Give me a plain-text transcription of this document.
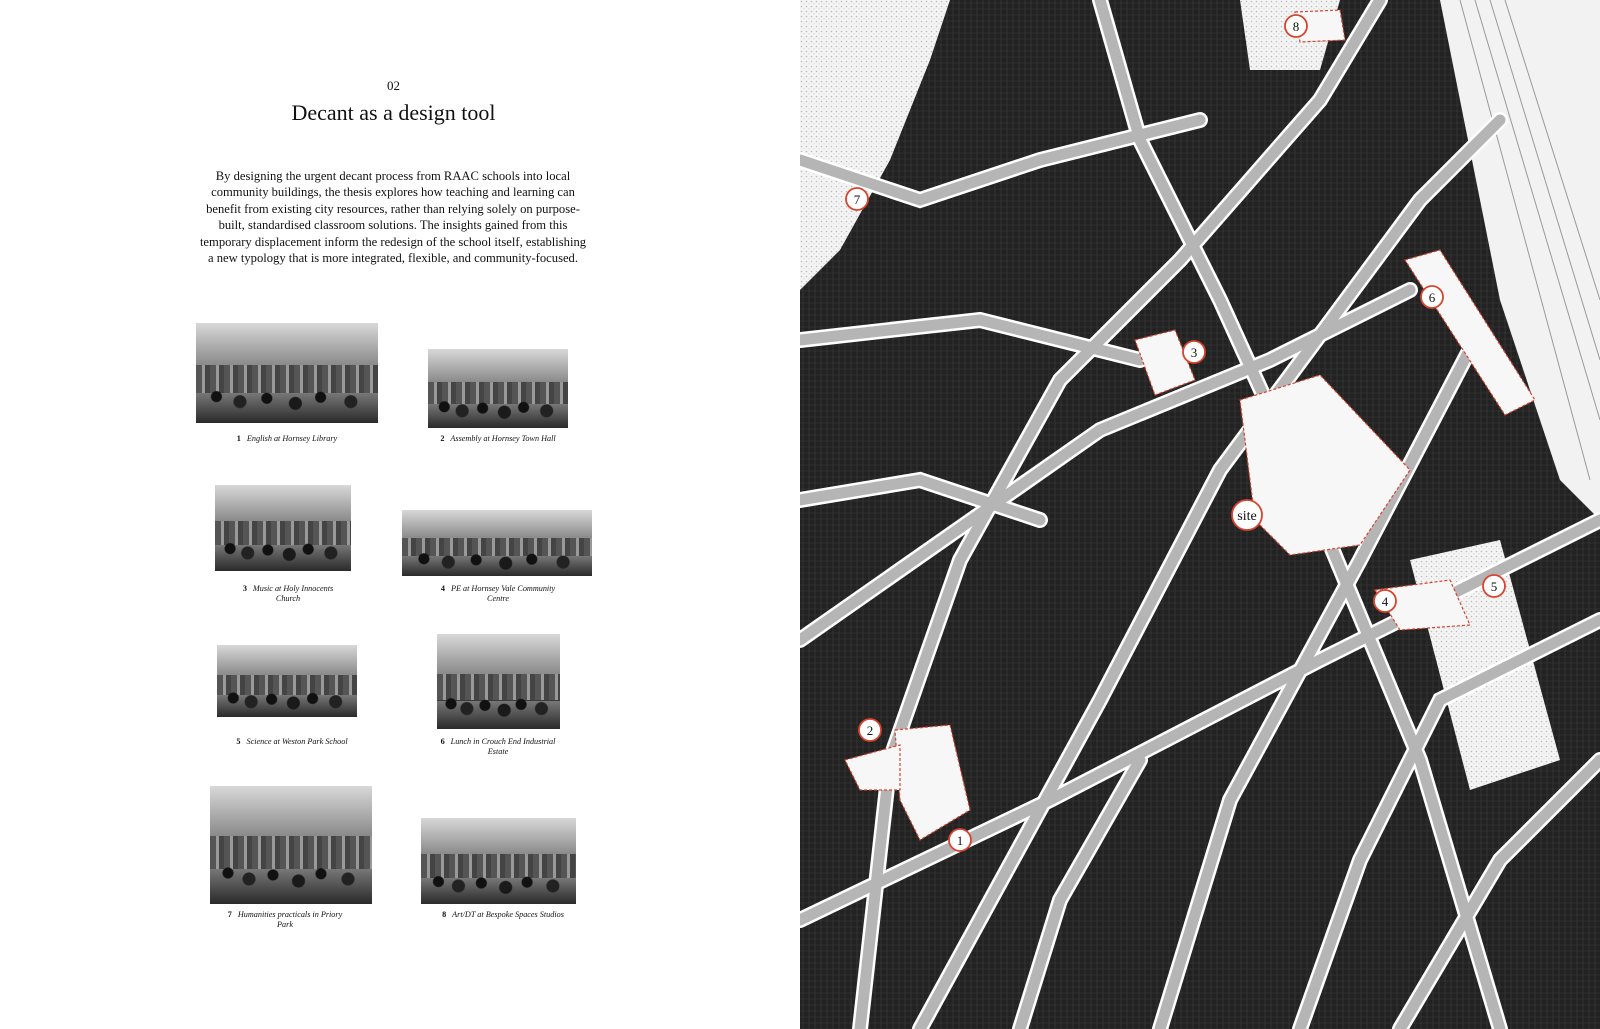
02
Decant as a design tool

By designing the urgent decant process from RAAC schools into local community buildings, the thesis explores how teaching and learning can benefit from existing city resources, rather than relying solely on purpose-built, standardised classroom solutions. The insights gained from this temporary displacement inform the redesign of the school itself, establishing a new typology that is more integrated, flexible, and community-focused.

1 English at Hornsey Library	2 Assembly at Hornsey Town Hall
3 Music at Holy Innocents Church
4 PE at Hornsey Vale Community Centre
5 Science at Weston Park School	6 Lunch in Crouch End Industrial Estate
7 Humanities practicals in Priory Park
8 Art/DT at Bespoke Spaces Studios
1
2
3
4
5
6
7
8
site
